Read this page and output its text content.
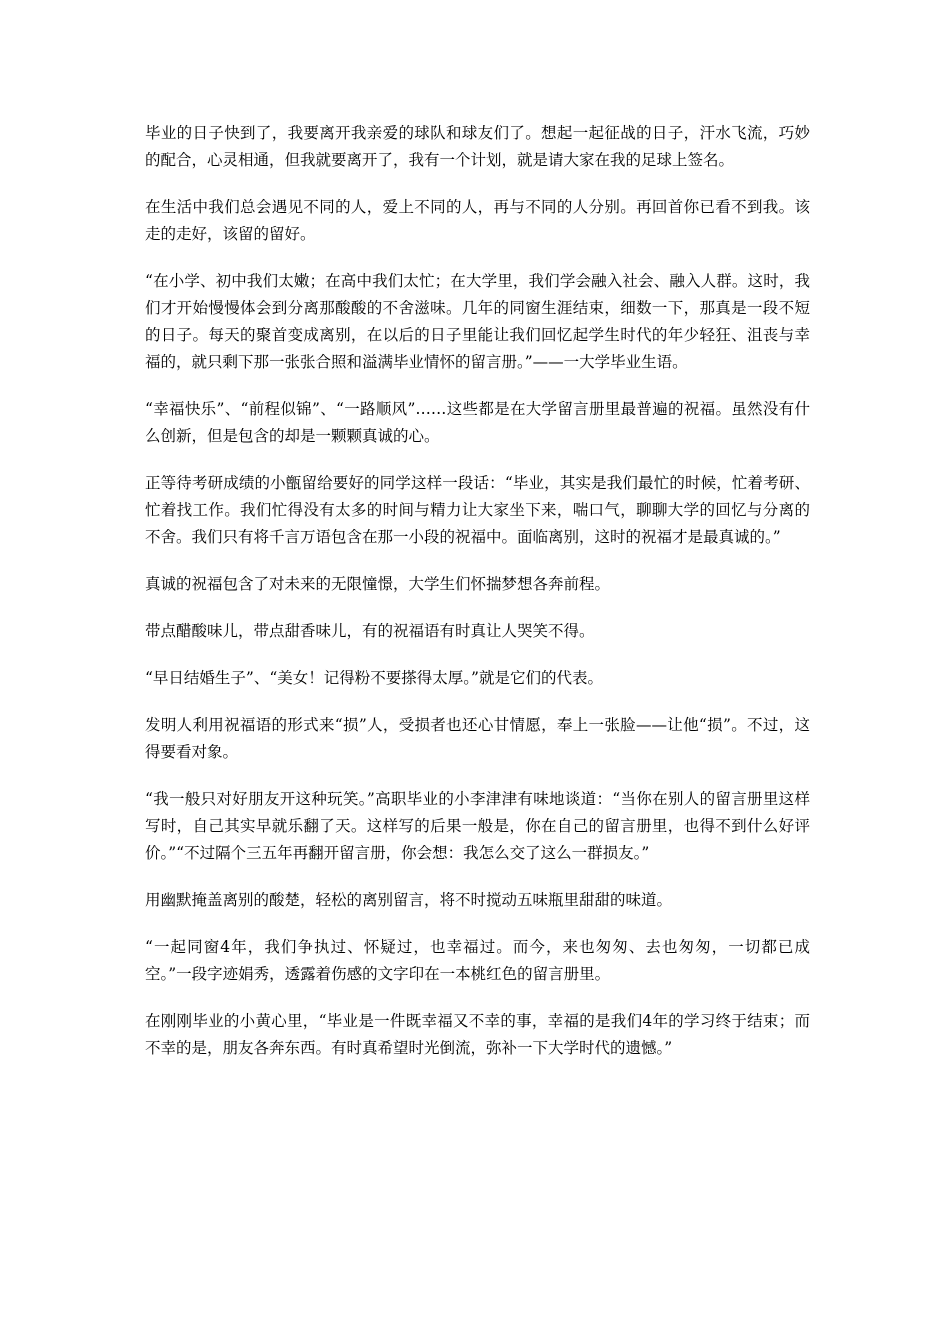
毕业的日子快到了，我要离开我亲爱的球队和球友们了。想起一起征战的日子，汗水飞流，巧妙的配合，心灵相通，但我就要离开了，我有一个计划，就是请大家在我的足球上签名。

在生活中我们总会遇见不同的人，爱上不同的人，再与不同的人分别。再回首你已看不到我。该走的走好，该留的留好。

“在小学、初中我们太嫩；在高中我们太忙；在大学里，我们学会融入社会、融入人群。这时，我们才开始慢慢体会到分离那酸酸的不舍滋味。几年的同窗生涯结束，细数一下，那真是一段不短的日子。每天的聚首变成离别，在以后的日子里能让我们回忆起学生时代的年少轻狂、沮丧与幸福的，就只剩下那一张张合照和溢满毕业情怀的留言册。”——一大学毕业生语。

“幸福快乐”、“前程似锦”、“一路顺风”……这些都是在大学留言册里最普遍的祝福。虽然没有什么创新，但是包含的却是一颗颗真诚的心。

正等待考研成绩的小甑留给要好的同学这样一段话：“毕业，其实是我们最忙的时候，忙着考研、忙着找工作。我们忙得没有太多的时间与精力让大家坐下来，喘口气，聊聊大学的回忆与分离的不舍。我们只有将千言万语包含在那一小段的祝福中。面临离别，这时的祝福才是最真诚的。”

真诚的祝福包含了对未来的无限憧憬，大学生们怀揣梦想各奔前程。

带点醋酸味儿，带点甜香味儿，有的祝福语有时真让人哭笑不得。

“早日结婚生子”、“美女！记得粉不要搽得太厚。”就是它们的代表。

发明人利用祝福语的形式来“损”人，受损者也还心甘情愿，奉上一张脸——让他“损”。不过，这得要看对象。

“我一般只对好朋友开这种玩笑。”高职毕业的小李津津有味地谈道：“当你在别人的留言册里这样写时，自己其实早就乐翻了天。这样写的后果一般是，你在自己的留言册里，也得不到什么好评价。”“不过隔个三五年再翻开留言册，你会想：我怎么交了这么一群损友。”

用幽默掩盖离别的酸楚，轻松的离别留言，将不时搅动五味瓶里甜甜的味道。

“一起同窗4年，我们争执过、怀疑过，也幸福过。而今，来也匆匆、去也匆匆，一切都已成空。”一段字迹娟秀，透露着伤感的文字印在一本桃红色的留言册里。

在刚刚毕业的小黄心里，“毕业是一件既幸福又不幸的事，幸福的是我们4年的学习终于结束；而不幸的是，朋友各奔东西。有时真希望时光倒流，弥补一下大学时代的遗憾。”
